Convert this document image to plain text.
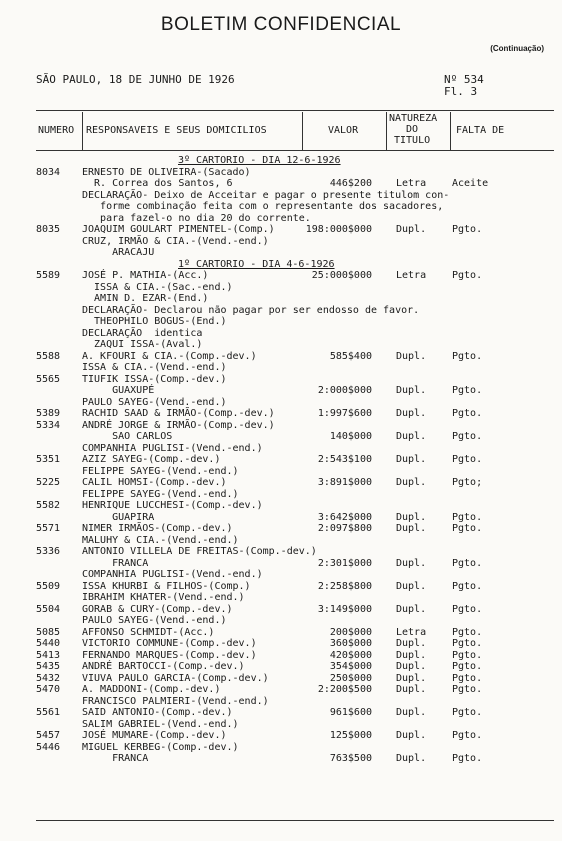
BOLETIM CONFIDENCIAL
(Continuação)
SÃO PAULO, 18 DE JUNHO DE 1926	Nº 534
Fl. 3
NUMERO RESPONSAVEIS E SEUS DOMICILIOS	VALOR
NATUREZA
DO
TITULO
FALTA DE
3º CARTORIO - DIA 12-6-1926
8034 ERNESTO DE OLIVEIRA-(Sacado)
R. Correa dos Santos, 6	446$200 Letra	Aceite
DECLARAÇÃO- Deixo de Acceitar e pagar o presente titulom con-
forme combinação feita com o representante dos sacadores,
para fazel-o no dia 20 do corrente.
8035 JOAQUIM GOULART PIMENTEL-(Comp.)	198:000$000 Dupl.	Pgto.
CRUZ, IRMÃO & CIA.-(Vend.-end.)
ARACAJU
1º CARTORIO - DIA 4-6-1926
5589 JOSÉ P. MATHIA-(Acc.)	25:000$000 Letra	Pgto.
ISSA & CIA.-(Sac.-end.)
AMIN D. EZAR-(End.)
DECLARAÇÃO- Declarou não pagar por ser endosso de favor.
THEOPHILO BOGUS-(End.)
DECLARAÇÃO  identica
ZAQUI ISSA-(Aval.)
5588 A. KFOURI & CIA.-(Comp.-dev.)	585$400 Dupl.	Pgto.
ISSA & CIA.-(Vend.-end.)
5565 TIUFIK ISSA-(Comp.-dev.)
GUAXUPÉ	2:000$000 Dupl.	Pgto.
PAULO SAYEG-(Vend.-end.)
5389 RACHID SAAD & IRMÃO-(Comp.-dev.)	1:997$600 Dupl.	Pgto.
5334 ANDRÉ JORGE & IRMÃO-(Comp.-dev.)
SAO CARLOS	140$000 Dupl.	Pgto.
COMPANHIA PUGLISI-(Vend.-end.)
5351 AZIZ SAYEG-(Comp.-dev.)	2:543$100 Dupl.	Pgto.
FELIPPE SAYEG-(Vend.-end.)
5225 CALIL HOMSI-(Comp.-dev.)	3:891$000 Dupl.	Pgto;
FELIPPE SAYEG-(Vend.-end.)
5582 HENRIQUE LUCCHESI-(Comp.-dev.)
GUAPIRA	3:642$000 Dupl.	Pgto.
5571 NIMER IRMÃOS-(Comp.-dev.)	2:097$800 Dupl.	Pgto.
MALUHY & CIA.-(Vend.-end.)
5336 ANTONIO VILLELA DE FREITAS-(Comp.-dev.)
FRANCA	2:301$000 Dupl.	Pgto.
COMPANHIA PUGLISI-(Vend.-end.)
5509 ISSA KHURBI & FILHOS-(Comp.)	2:258$800 Dupl.	Pgto.
IBRAHIM KHATER-(Vend.-end.)
5504 GORAB & CURY-(Comp.-dev.)	3:149$000 Dupl.	Pgto.
PAULO SAYEG-(Vend.-end.)
5085 AFFONSO SCHMIDT-(Acc.)	200$000 Letra	Pgto.
5440 VICTORIO COMMUNE-(Comp.-dev.)	360$000 Dupl.	Pgto.
5413 FERNANDO MARQUES-(Comp.-dev.)	420$000 Dupl.	Pgto.
5435 ANDRÉ BARTOCCI-(Comp.-dev.)	354$000 Dupl.	Pgto.
5432 VIUVA PAULO GARCIA-(Comp.-dev.)	250$000 Dupl.	Pgto.
5470 A. MADDONI-(Comp.-dev.)	2:200$500 Dupl.	Pgto.
FRANCISCO PALMIERI-(Vend.-end.)
5561 SAID ANTONIO-(Comp.-dev.)	961$600 Dupl.	Pgto.
SALIM GABRIEL-(Vend.-end.)
5457 JOSÉ MUMARE-(Comp.-dev.)	125$000 Dupl.	Pgto.
5446 MIGUEL KERBEG-(Comp.-dev.)
FRANCA	763$500 Dupl.	Pgto.
